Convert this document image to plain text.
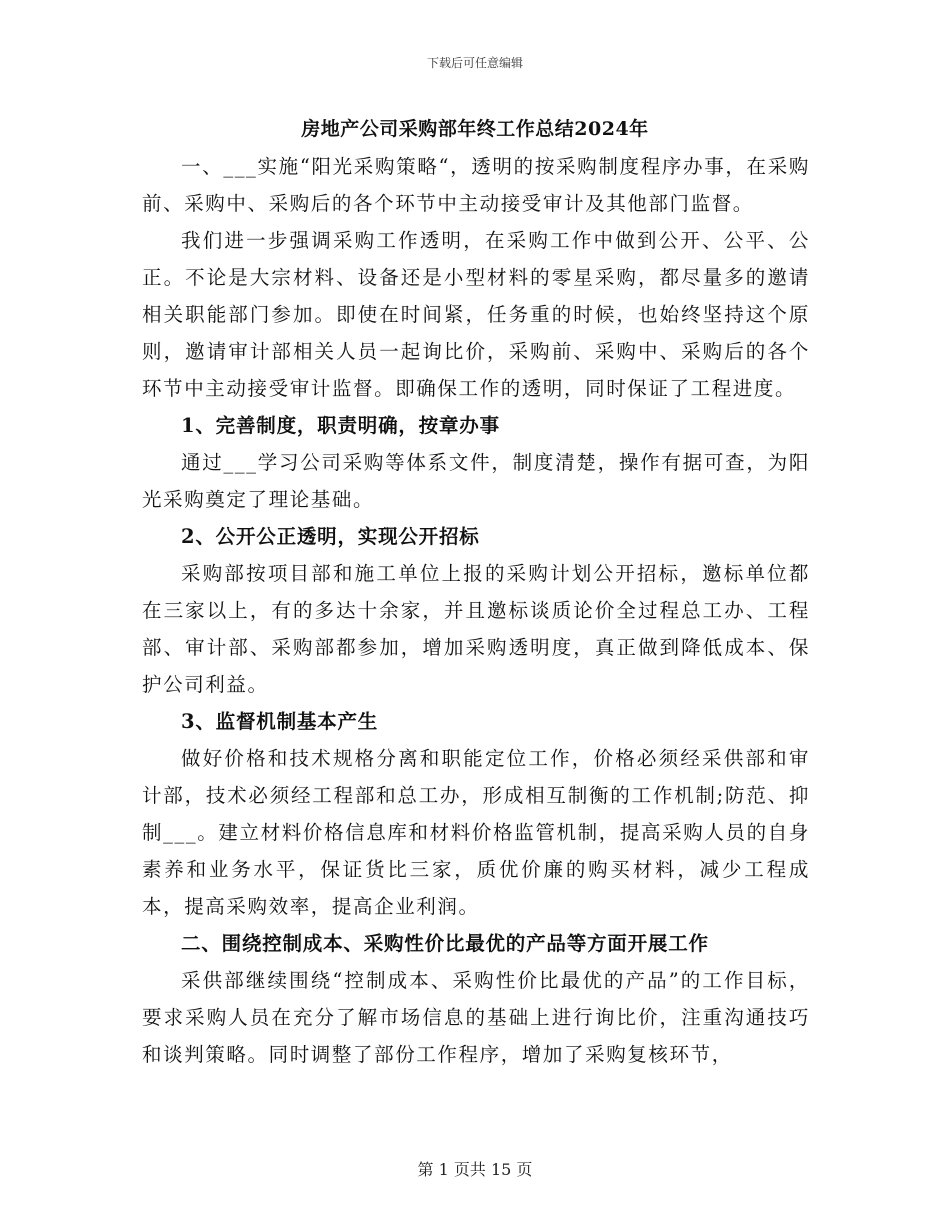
下载后可任意编辑
房地产公司采购部年终工作总结2024年

一、___实施“阳光采购策略“，透明的按采购制度程序办事，在采购前、采购中、采购后的各个环节中主动接受审计及其他部门监督。

我们进一步强调采购工作透明，在采购工作中做到公开、公平、公正。不论是大宗材料、设备还是小型材料的零星采购，都尽量多的邀请相关职能部门参加。即使在时间紧，任务重的时候，也始终坚持这个原则，邀请审计部相关人员一起询比价，采购前、采购中、采购后的各个环节中主动接受审计监督。即确保工作的透明，同时保证了工程进度。

1、完善制度，职责明确，按章办事

通过___学习公司采购等体系文件，制度清楚，操作有据可查，为阳光采购奠定了理论基础。

2、公开公正透明，实现公开招标

采购部按项目部和施工单位上报的采购计划公开招标，邀标单位都在三家以上，有的多达十余家，并且邀标谈质论价全过程总工办、工程部、审计部、采购部都参加，增加采购透明度，真正做到降低成本、保护公司利益。

3、监督机制基本产生

做好价格和技术规格分离和职能定位工作，价格必须经采供部和审计部，技术必须经工程部和总工办，形成相互制衡的工作机制;防范、抑制___。建立材料价格信息库和材料价格监管机制，提高采购人员的自身素养和业务水平，保证货比三家，质优价廉的购买材料，减少工程成本，提高采购效率，提高企业利润。

二、围绕控制成本、采购性价比最优的产品等方面开展工作

采供部继续围绕“控制成本、采购性价比最优的产品”的工作目标，要求采购人员在充分了解市场信息的基础上进行询比价，注重沟通技巧和谈判策略。同时调整了部份工作程序，增加了采购复核环节，

第 1 页共 15 页
